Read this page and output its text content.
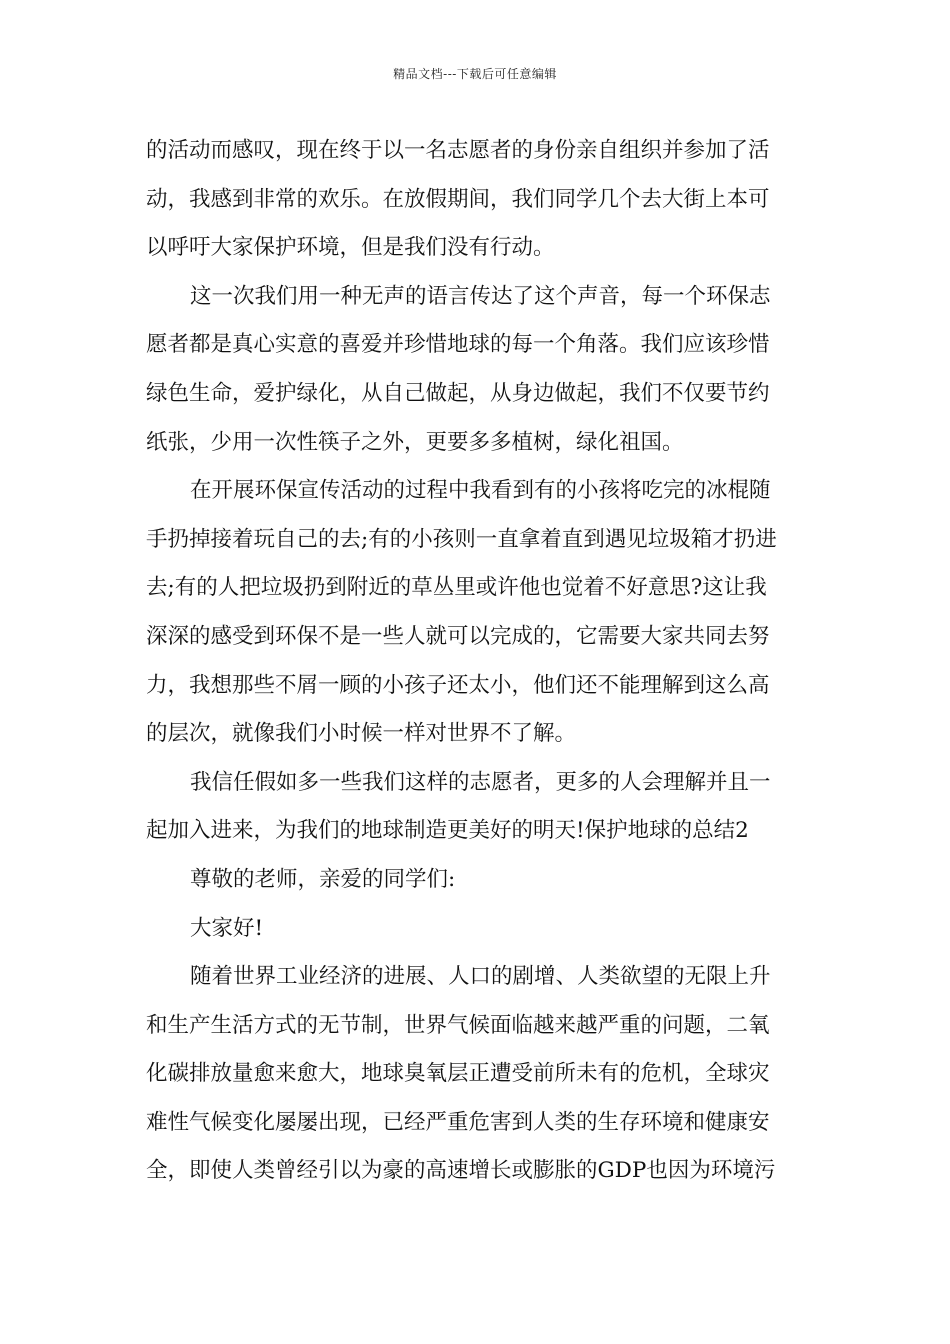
精品文档---下载后可任意编辑
的活动而感叹，现在终于以一名志愿者的身份亲自组织并参加了活
动，我感到非常的欢乐。在放假期间，我们同学几个去大街上本可
以呼吁大家保护环境，但是我们没有行动。
这一次我们用一种无声的语言传达了这个声音，每一个环保志
愿者都是真心实意的喜爱并珍惜地球的每一个角落。我们应该珍惜
绿色生命，爱护绿化，从自己做起，从身边做起，我们不仅要节约
纸张，少用一次性筷子之外，更要多多植树，绿化祖国。
在开展环保宣传活动的过程中我看到有的小孩将吃完的冰棍随
手扔掉接着玩自己的去;有的小孩则一直拿着直到遇见垃圾箱才扔进
去;有的人把垃圾扔到附近的草丛里或许他也觉着不好意思?这让我
深深的感受到环保不是一些人就可以完成的，它需要大家共同去努
力，我想那些不屑一顾的小孩子还太小，他们还不能理解到这么高
的层次，就像我们小时候一样对世界不了解。
我信任假如多一些我们这样的志愿者，更多的人会理解并且一
起加入进来，为我们的地球制造更美好的明天!保护地球的总结2
尊敬的老师，亲爱的同学们:
大家好!
随着世界工业经济的进展、人口的剧增、人类欲望的无限上升
和生产生活方式的无节制，世界气候面临越来越严重的问题，二氧
化碳排放量愈来愈大，地球臭氧层正遭受前所未有的危机，全球灾
难性气候变化屡屡出现，已经严重危害到人类的生存环境和健康安
全，即使人类曾经引以为豪的高速增长或膨胀的GDP也因为环境污
